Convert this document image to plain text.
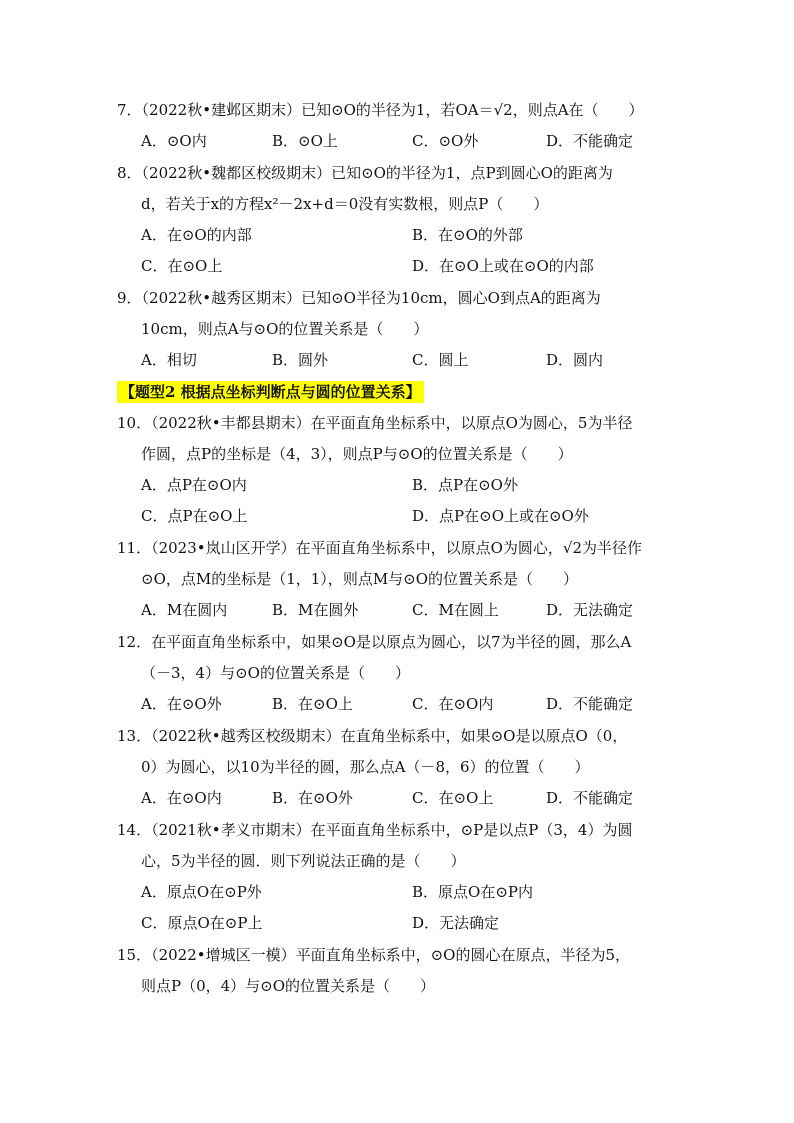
7．（2022秋•建邺区期末）已知⊙O的半径为1，若OA＝√2，则点A在（　　）
A．⊙O内	B．⊙O上	C．⊙O外	D．不能确定
8．（2022秋•魏都区校级期末）已知⊙O的半径为1，点P到圆心O的距离为
d，若关于x的方程x²－2x+d＝0没有实数根，则点P（　　）
A．在⊙O的内部	B．在⊙O的外部
C．在⊙O上	D．在⊙O上或在⊙O的内部
9．（2022秋•越秀区期末）已知⊙O半径为10cm，圆心O到点A的距离为
10cm，则点A与⊙O的位置关系是（　　）
A．相切	B．圆外	C．圆上	D．圆内
【题型2 根据点坐标判断点与圆的位置关系】
10．（2022秋•丰都县期末）在平面直角坐标系中，以原点O为圆心，5为半径
作圆，点P的坐标是（4，3），则点P与⊙O的位置关系是（　　）
A．点P在⊙O内	B．点P在⊙O外
C．点P在⊙O上	D．点P在⊙O上或在⊙O外
11．（2023•岚山区开学）在平面直角坐标系中，以原点O为圆心，√2为半径作
⊙O，点M的坐标是（1，1），则点M与⊙O的位置关系是（　　）
A．M在圆内	B．M在圆外	C．M在圆上	D．无法确定
12．在平面直角坐标系中，如果⊙O是以原点为圆心，以7为半径的圆，那么A
（－3，4）与⊙O的位置关系是（　　）
A．在⊙O外	B．在⊙O上	C．在⊙O内	D．不能确定
13．（2022秋•越秀区校级期末）在直角坐标系中，如果⊙O是以原点O（0，
0）为圆心，以10为半径的圆，那么点A（－8，6）的位置（　　）
A．在⊙O内	B．在⊙O外	C．在⊙O上	D．不能确定
14．（2021秋•孝义市期末）在平面直角坐标系中，⊙P是以点P（3，4）为圆
心，5为半径的圆．则下列说法正确的是（　　）
A．原点O在⊙P外	B．原点O在⊙P内
C．原点O在⊙P上	D．无法确定
15．（2022•增城区一模）平面直角坐标系中，⊙O的圆心在原点，半径为5，
则点P（0，4）与⊙O的位置关系是（　　）
